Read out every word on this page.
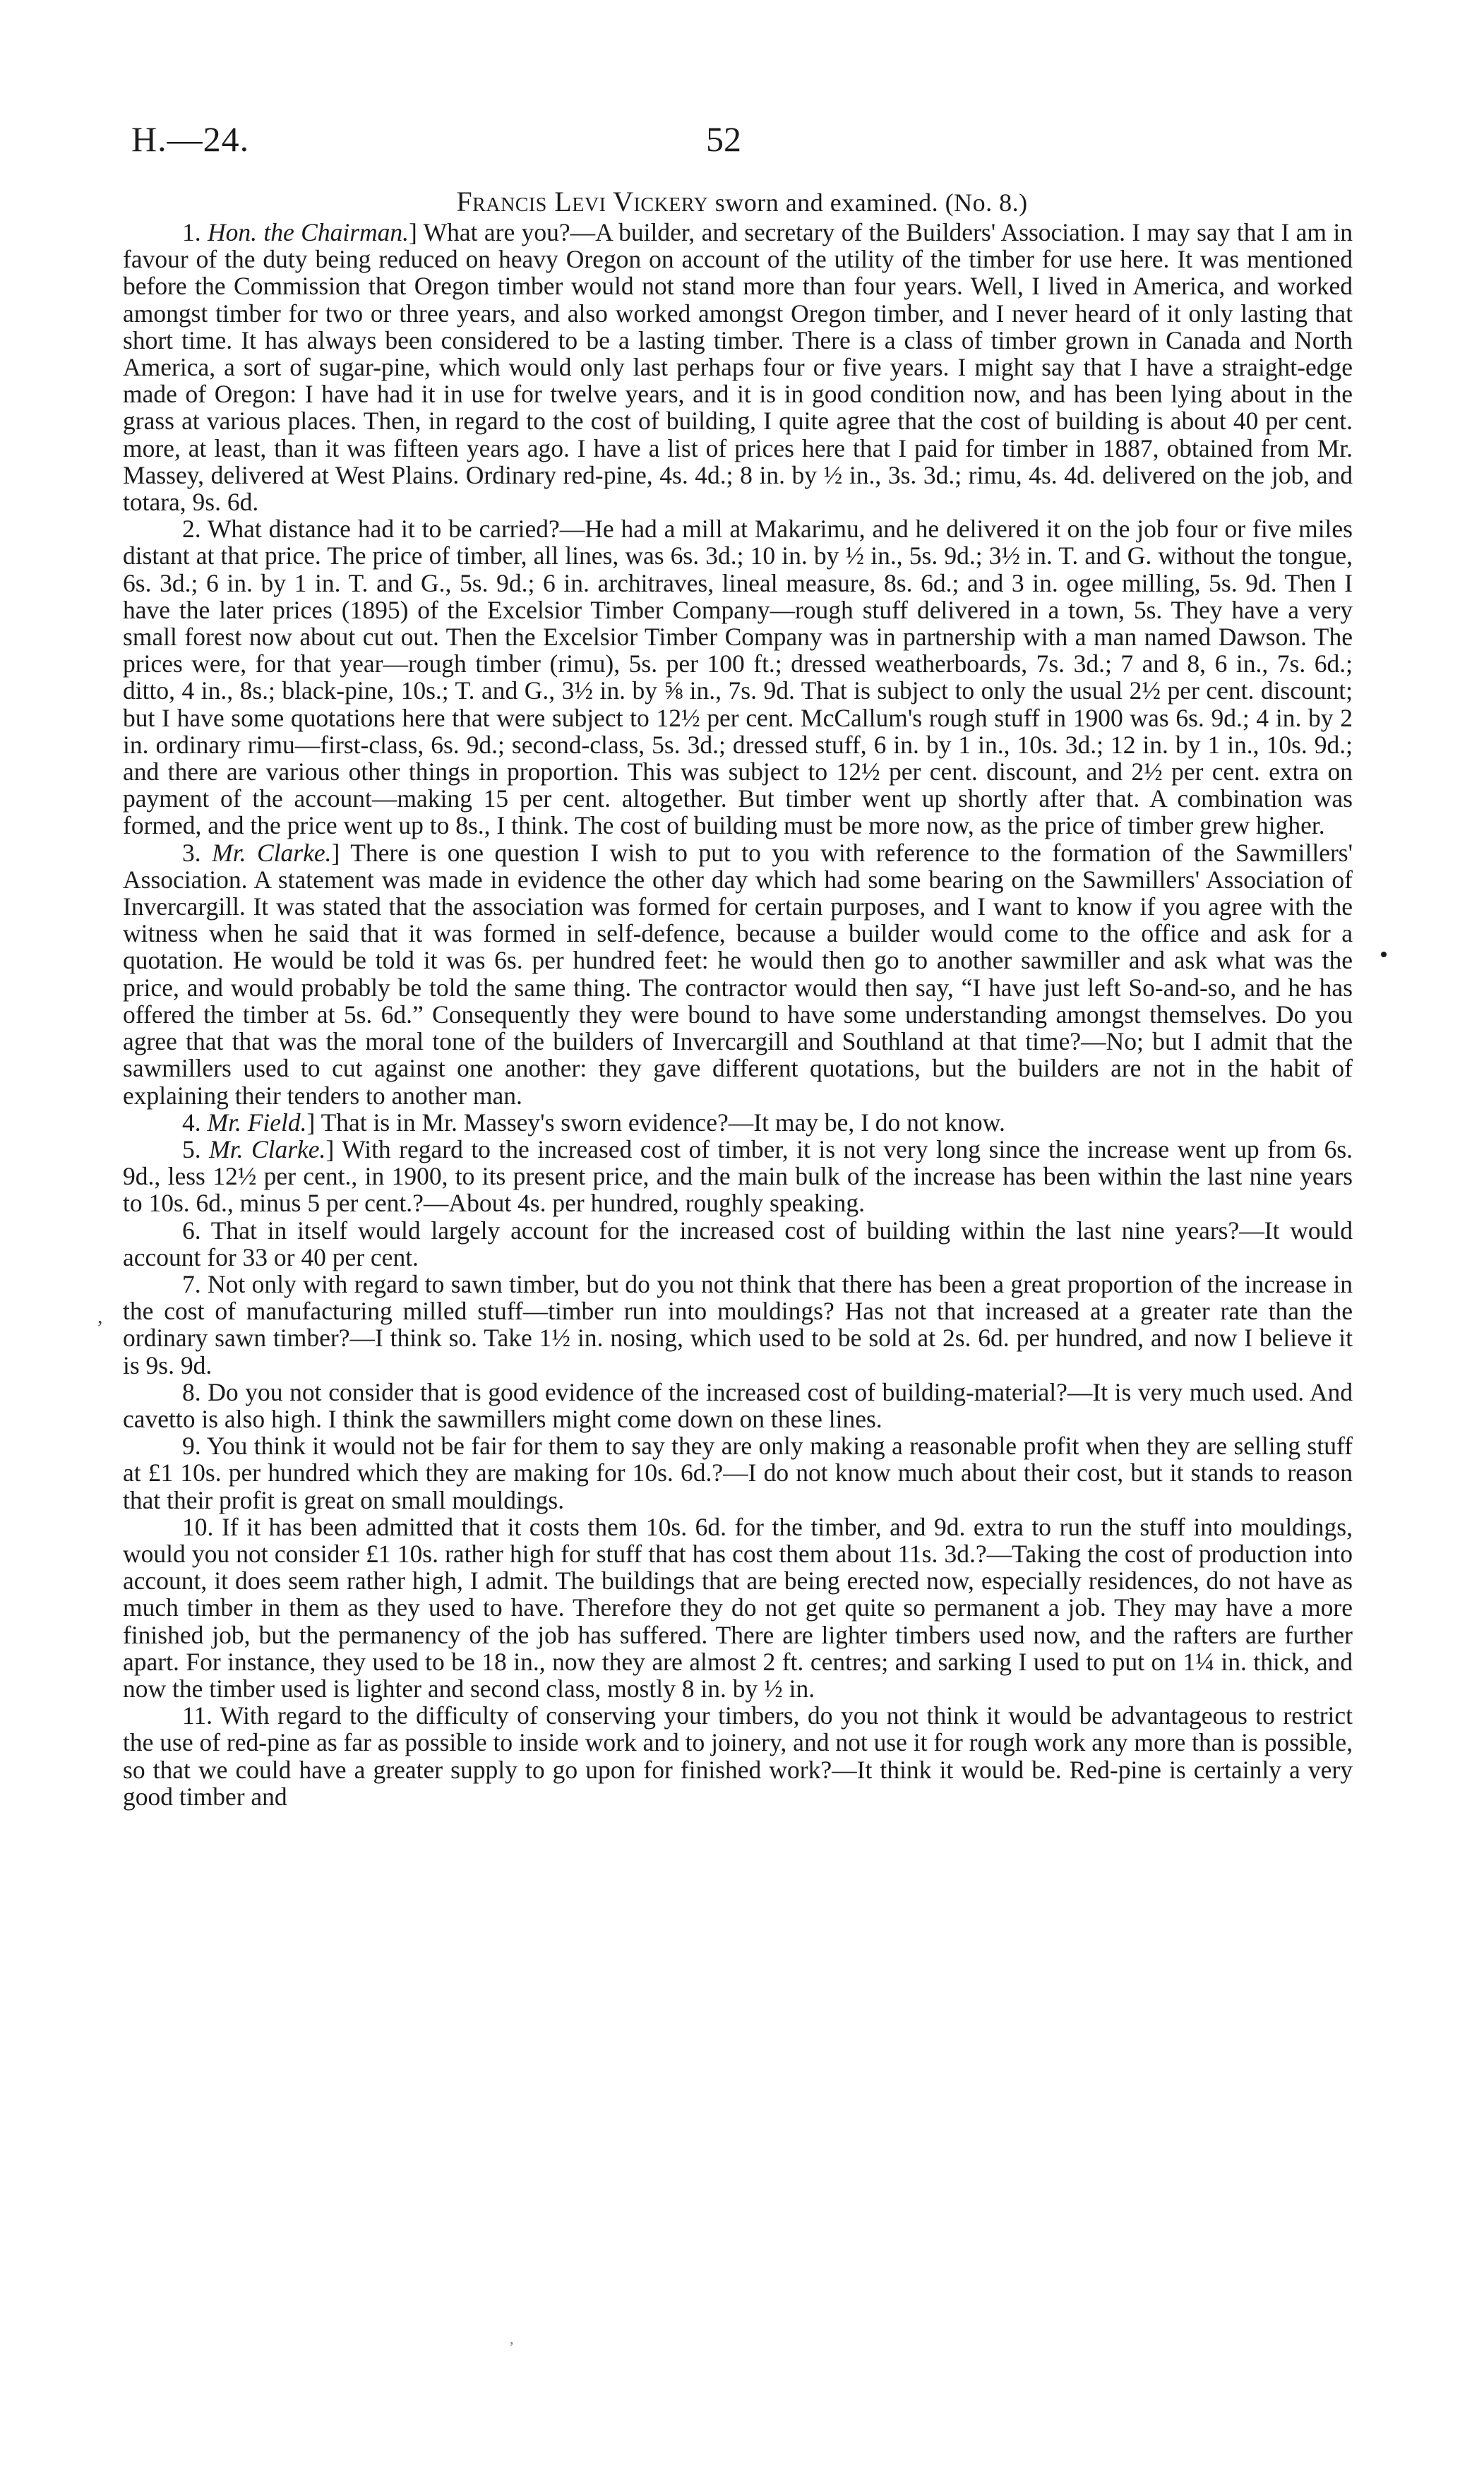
H.—24.	52
Francis Levi Vickery sworn and examined. (No. 8.)

1. Hon. the Chairman.] What are you?—A builder, and secretary of the Builders' Association. I may say that I am in favour of the duty being reduced on heavy Oregon on account of the utility of the timber for use here. It was mentioned before the Commission that Oregon timber would not stand more than four years. Well, I lived in America, and worked amongst timber for two or three years, and also worked amongst Oregon timber, and I never heard of it only lasting that short time. It has always been considered to be a lasting timber. There is a class of timber grown in Canada and North America, a sort of sugar-pine, which would only last perhaps four or five years. I might say that I have a straight-edge made of Oregon: I have had it in use for twelve years, and it is in good condition now, and has been lying about in the grass at various places. Then, in regard to the cost of building, I quite agree that the cost of building is about 40 per cent. more, at least, than it was fifteen years ago. I have a list of prices here that I paid for timber in 1887, obtained from Mr. Massey, delivered at West Plains. Ordinary red-pine, 4s. 4d.; 8 in. by ½ in., 3s. 3d.; rimu, 4s. 4d. delivered on the job, and totara, 9s. 6d.

2. What distance had it to be carried?—He had a mill at Makarimu, and he delivered it on the job four or five miles distant at that price. The price of timber, all lines, was 6s. 3d.; 10 in. by ½ in., 5s. 9d.; 3½ in. T. and G. without the tongue, 6s. 3d.; 6 in. by 1 in. T. and G., 5s. 9d.; 6 in. architraves, lineal measure, 8s. 6d.; and 3 in. ogee milling, 5s. 9d. Then I have the later prices (1895) of the Excelsior Timber Company—rough stuff delivered in a town, 5s. They have a very small forest now about cut out. Then the Excelsior Timber Company was in partnership with a man named Dawson. The prices were, for that year—rough timber (rimu), 5s. per 100 ft.; dressed weatherboards, 7s. 3d.; 7 and 8, 6 in., 7s. 6d.; ditto, 4 in., 8s.; black-pine, 10s.; T. and G., 3½ in. by ⅝ in., 7s. 9d. That is subject to only the usual 2½ per cent. discount; but I have some quotations here that were subject to 12½ per cent. McCallum's rough stuff in 1900 was 6s. 9d.; 4 in. by 2 in. ordinary rimu—first-class, 6s. 9d.; second-class, 5s. 3d.; dressed stuff, 6 in. by 1 in., 10s. 3d.; 12 in. by 1 in., 10s. 9d.; and there are various other things in proportion. This was subject to 12½ per cent. discount, and 2½ per cent. extra on payment of the account—making 15 per cent. altogether. But timber went up shortly after that. A combination was formed, and the price went up to 8s., I think. The cost of building must be more now, as the price of timber grew higher.

3. Mr. Clarke.] There is one question I wish to put to you with reference to the formation of the Sawmillers' Association. A statement was made in evidence the other day which had some bearing on the Sawmillers' Association of Invercargill. It was stated that the association was formed for certain purposes, and I want to know if you agree with the witness when he said that it was formed in self-defence, because a builder would come to the office and ask for a quotation. He would be told it was 6s. per hundred feet: he would then go to another sawmiller and ask what was the price, and would probably be told the same thing. The contractor would then say, “I have just left So-and-so, and he has offered the timber at 5s. 6d.” Consequently they were bound to have some understanding amongst themselves. Do you agree that that was the moral tone of the builders of Invercargill and Southland at that time?—No; but I admit that the sawmillers used to cut against one another: they gave different quotations, but the builders are not in the habit of explaining their tenders to another man.

4. Mr. Field.] That is in Mr. Massey's sworn evidence?—It may be, I do not know.

5. Mr. Clarke.] With regard to the increased cost of timber, it is not very long since the increase went up from 6s. 9d., less 12½ per cent., in 1900, to its present price, and the main bulk of the increase has been within the last nine years to 10s. 6d., minus 5 per cent.?—About 4s. per hundred, roughly speaking.

6. That in itself would largely account for the increased cost of building within the last nine years?—It would account for 33 or 40 per cent.

7. Not only with regard to sawn timber, but do you not think that there has been a great proportion of the increase in the cost of manufacturing milled stuff—timber run into mouldings? Has not that increased at a greater rate than the ordinary sawn timber?—I think so. Take 1½ in. nosing, which used to be sold at 2s. 6d. per hundred, and now I believe it is 9s. 9d.

8. Do you not consider that is good evidence of the increased cost of building-material?—It is very much used. And cavetto is also high. I think the sawmillers might come down on these lines.

9. You think it would not be fair for them to say they are only making a reasonable profit when they are selling stuff at £1 10s. per hundred which they are making for 10s. 6d.?—I do not know much about their cost, but it stands to reason that their profit is great on small mouldings.

10. If it has been admitted that it costs them 10s. 6d. for the timber, and 9d. extra to run the stuff into mouldings, would you not consider £1 10s. rather high for stuff that has cost them about 11s. 3d.?—Taking the cost of production into account, it does seem rather high, I admit. The buildings that are being erected now, especially residences, do not have as much timber in them as they used to have. Therefore they do not get quite so permanent a job. They may have a more finished job, but the permanency of the job has suffered. There are lighter timbers used now, and the rafters are further apart. For instance, they used to be 18 in., now they are almost 2 ft. centres; and sarking I used to put on 1¼ in. thick, and now the timber used is lighter and second class, mostly 8 in. by ½ in.

11. With regard to the difficulty of conserving your timbers, do you not think it would be advantageous to restrict the use of red-pine as far as possible to inside work and to joinery, and not use it for rough work any more than is possible, so that we could have a greater supply to go upon for finished work?—It think it would be. Red-pine is certainly a very good timber and

,
,
